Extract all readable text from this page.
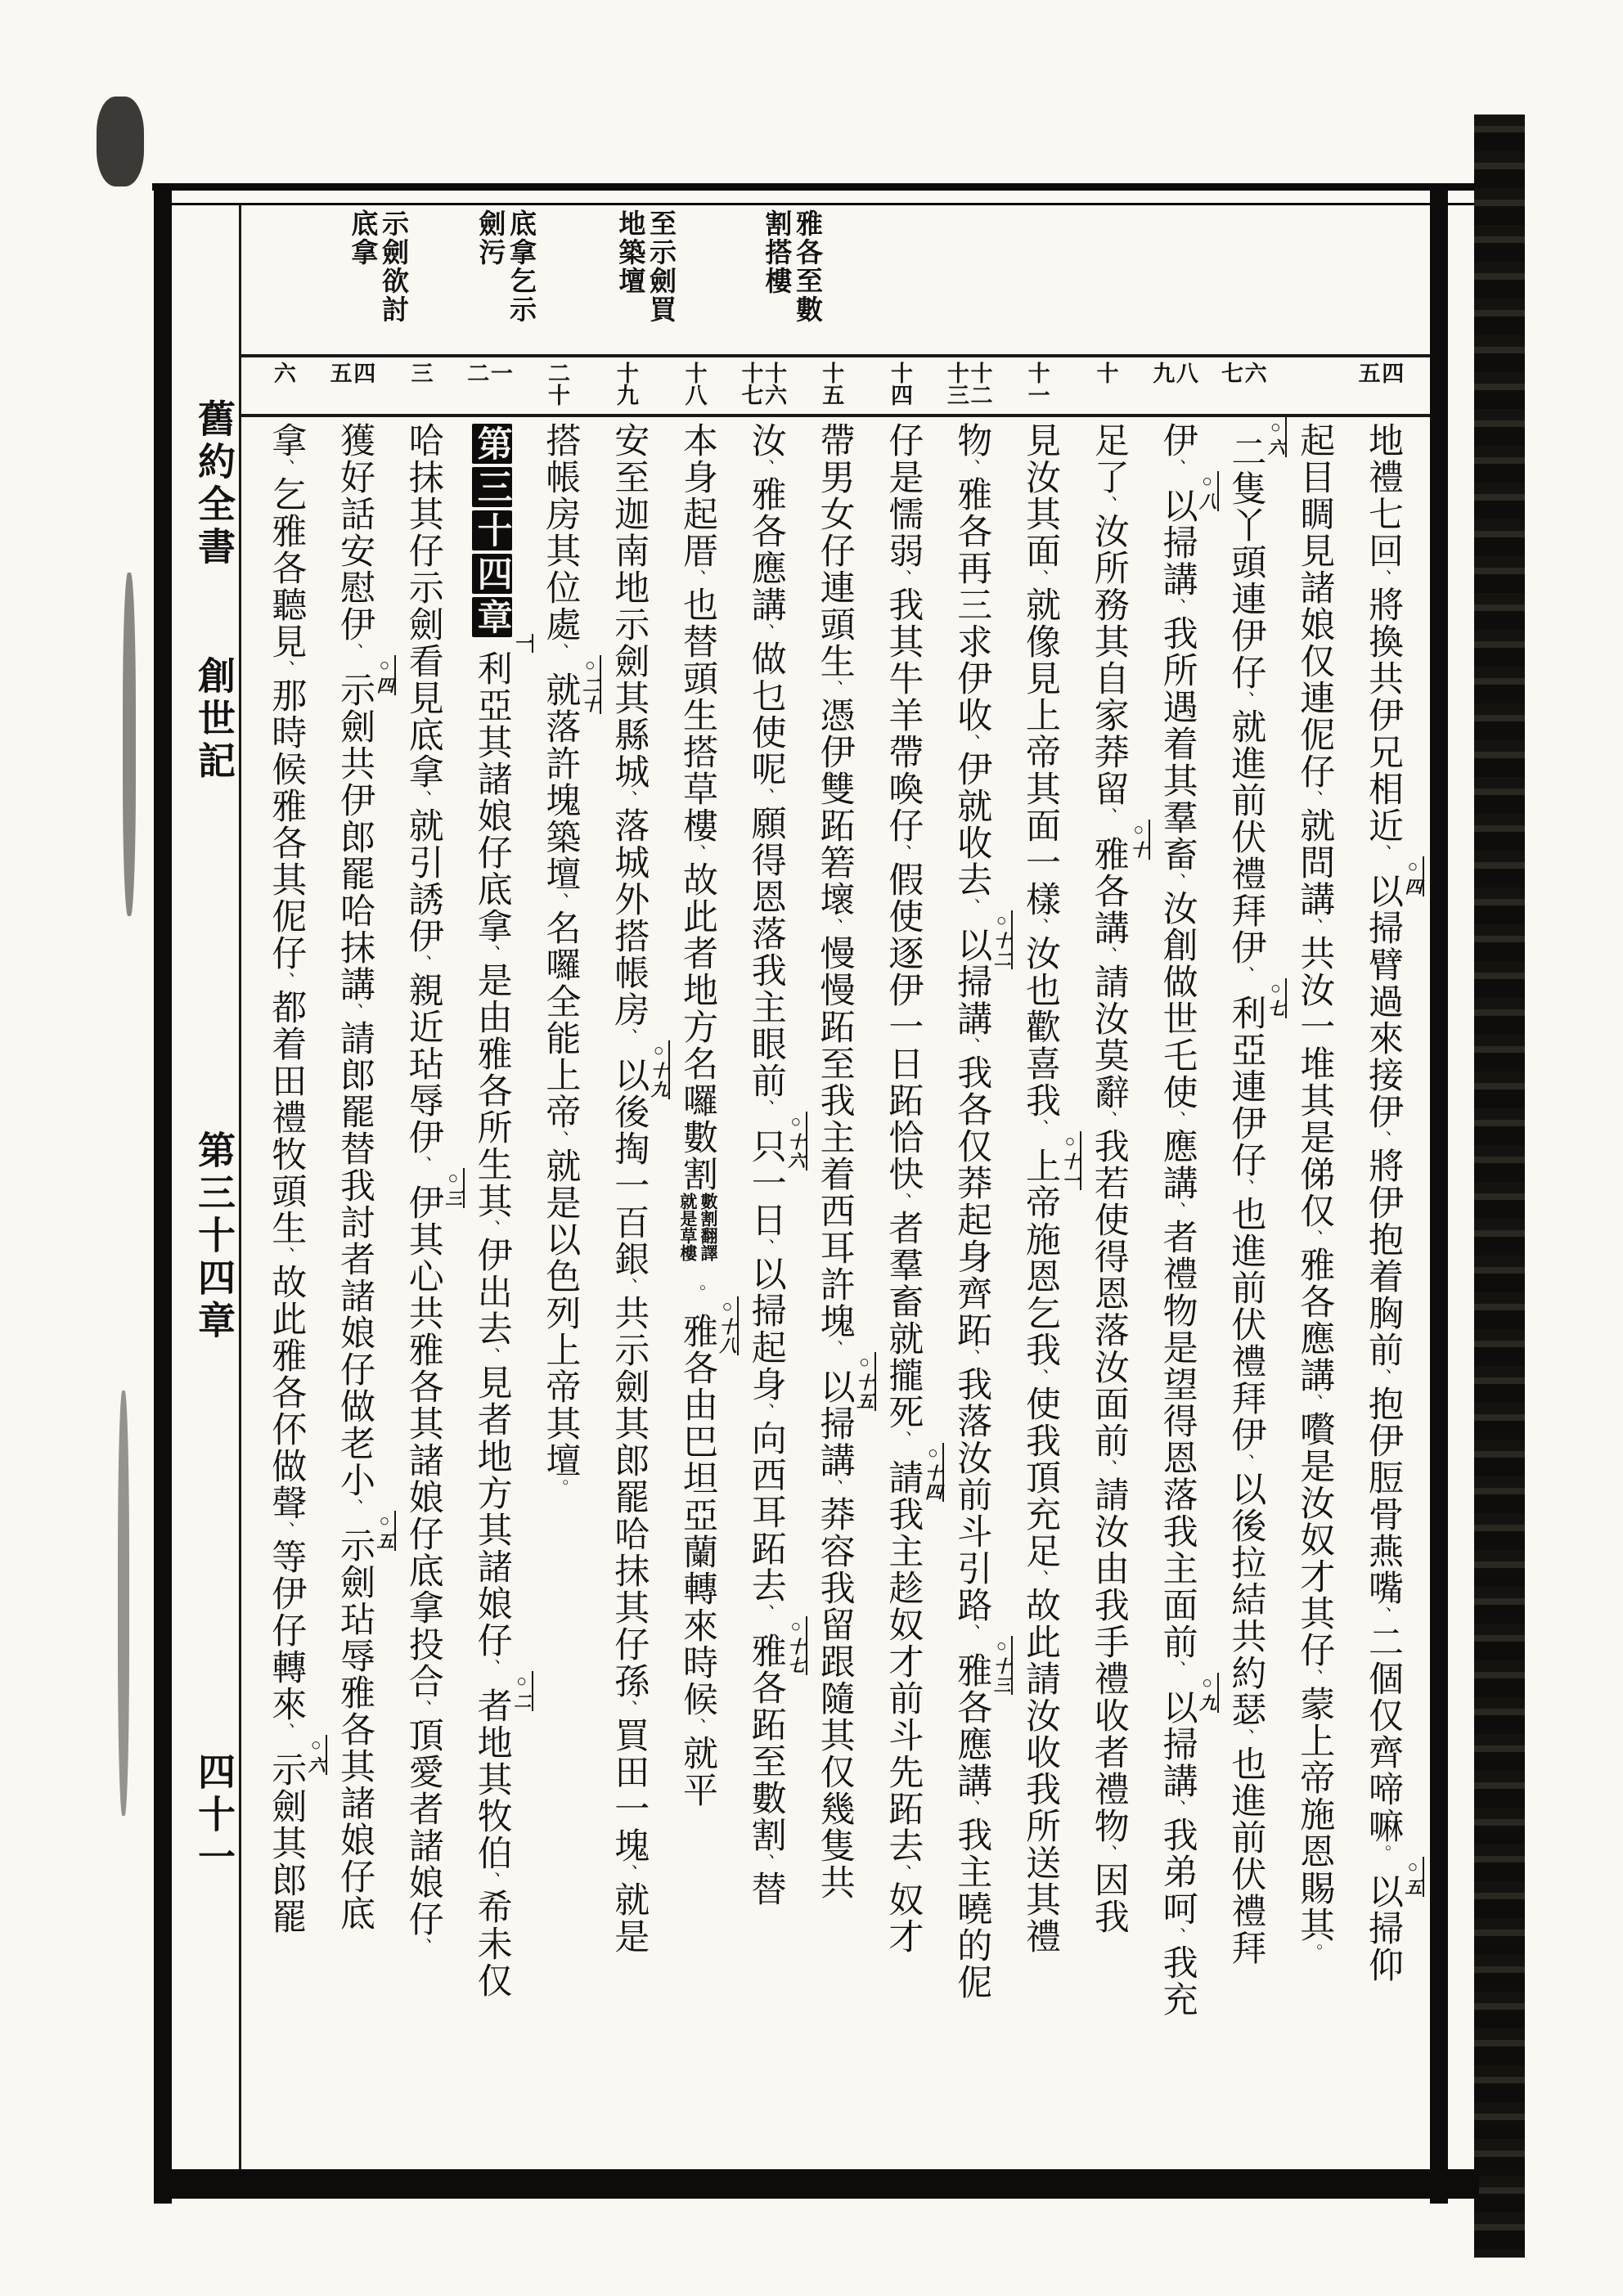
舊約全書
創世記
第三十四章
四十一
雅各至數
割搭樓
至示劍買
地築壇
底拿乞示
劍污
示劍欲討
底拿
四
五
六
七
八
九
十
十一
十二
十三
十四
十五
十六
十七
十八
十九
二十
一
二
三
四
五
六
地禮七回、將換共伊兄相近、
○四
以掃臂過來接伊、將伊抱着胸前、抱伊脰骨燕嘴、二個仅齊啼嘛。
○五
以掃仰
起目睭見諸娘仅連伲仔、就問講、共汝一堆其是俤仅、雅各應講、嚽是汝奴才其仔、蒙上帝施恩賜其。
○六
二隻丫頭連伊仔、就進前伏禮拜伊、
○七
利亞連伊仔、也進前伏禮拜伊、以後拉結共約瑟、也進前伏禮拜
伊、
○八
以掃講、我所遇着其羣畜、汝創做世乇使、應講、者禮物是望得恩落我主面前、
○九
以掃講、我弟呵、我充
足了、汝所務其自家莽留、
○十
雅各講、請汝莫辭、我若使得恩落汝面前、請汝由我手禮收者禮物、因我
見汝其面、就像見上帝其面一樣、汝也歡喜我、
○十一
上帝施恩乞我、使我頂充足、故此請汝收我所送其禮
物、雅各再三求伊收、伊就收去、
○十二
以掃講、我各仅莽起身齊跖、我落汝前斗引路、
○十三
雅各應講、我主曉的伲
仔是懦弱、我其牛羊帶喚仔、假使逐伊一日跖恰快、者羣畜就攏死、
○十四
請我主趁奴才前斗先跖去、奴才
帶男女仔連頭生、憑伊雙跖箬壞、慢慢跖至我主着西耳許塊、
○十五
以掃講、莽容我留跟隨其仅幾隻共
汝、雅各應講、做乜使呢、願得恩落我主眼前、
○十六
只一日、以掃起身、向西耳跖去、
○十七
雅各跖至數割、替
本身起厝、也替頭生搭草樓、故此者地方名囉數割
數割翻譯
就是草樓
。
○十八
雅各由巴坦亞蘭轉來時候、就平
安至迦南地示劍其縣城、落城外搭帳房、
○十九
以後掏一百銀、共示劍其郎罷哈抹其仔孫、買田一塊、就是
搭帳房其位處、
○二十
就落許塊築壇、名囉全能上帝、就是以色列上帝其壇。
第三十四章
一
利亞其諸娘仔底拿、是由雅各所生其、伊出去、見者地方其諸娘仔、
○二
者地其牧伯、希未仅
哈抹其仔示劍看見底拿、就引誘伊、親近玷辱伊、
○三
伊其心共雅各其諸娘仔底拿投合、頂愛者諸娘仔、
獲好話安慰伊、
○四
示劍共伊郎罷哈抹講、請郎罷替我討者諸娘仔做老小、
○五
示劍玷辱雅各其諸娘仔底
拿、乞雅各聽見、那時候雅各其伲仔、都着田禮牧頭生、故此雅各伓做聲、等伊仔轉來、
○六
示劍其郎罷
